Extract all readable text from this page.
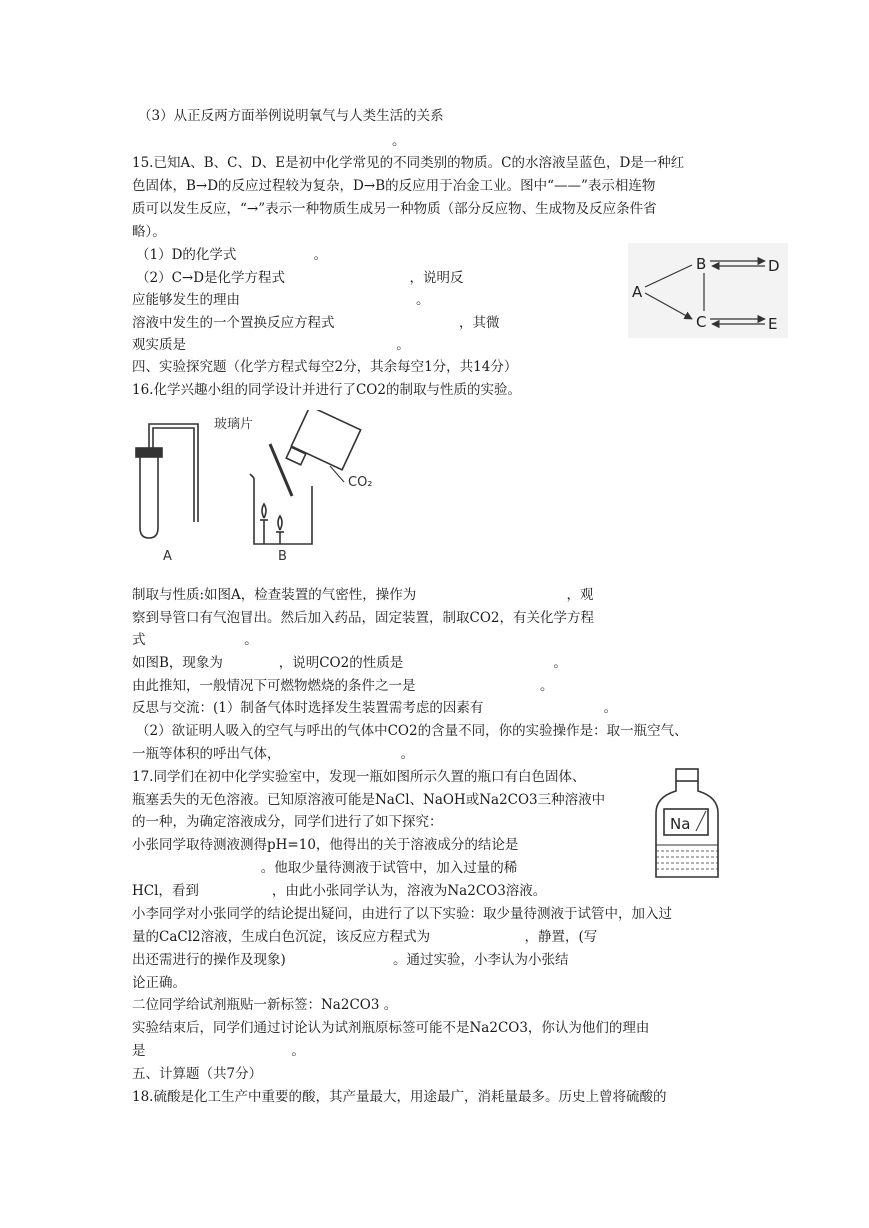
（3）从正反两方面举例说明氧气与人类生活的关系
。
15.已知A、B、C、D、E是初中化学常见的不同类别的物质。C的水溶液呈蓝色，D是一种红
色固体，B→D的反应过程较为复杂，D→B的反应用于冶金工业。图中“——”表示相连物
质可以发生反应，“→”表示一种物质生成另一种物质（部分反应物、生成物及反应条件省
略）。
（1）D的化学式                  。
（2）C→D是化学方程式                             ，说明反
应能够发生的理由                                         。
溶液中发生的一个置换反应方程式                             ，其微
观实质是                                                 。
四、实验探究题（化学方程式每空2分，其余每空1分，共14分）
16.化学兴趣小组的同学设计并进行了CO2的制取与性质的实验。
制取与性质:如图A，检查装置的气密性，操作为                                   ，观
察到导管口有气泡冒出。然后加入药品，固定装置，制取CO2，有关化学方程
式                       。
如图B，现象为             ，说明CO2的性质是                                   。
由此推知，一般情况下可燃物燃烧的条件之一是                             。
反思与交流：(1）制备气体时选择发生装置需考虑的因素有                            。
（2）欲证明人吸入的空气与呼出的气体中CO2的含量不同，你的实验操作是：取一瓶空气、
一瓶等体积的呼出气体，                            。
17.同学们在初中化学实验室中，发现一瓶如图所示久置的瓶口有白色固体、
瓶塞丢失的无色溶液。已知原溶液可能是NaCl、NaOH或Na2CO3三种溶液中
的一种，为确定溶液成分，同学们进行了如下探究：
小张同学取待测液测得pH=10，他得出的关于溶液成分的结论是
。他取少量待测液于试管中，加入过量的稀
HCl，看到                 ，由此小张同学认为，溶液为Na2CO3溶液。
小李同学对小张同学的结论提出疑问，由进行了以下实验：取少量待测液于试管中，加入过
量的CaCl2溶液，生成白色沉淀，该反应方程式为                      ，静置，(写
出还需进行的操作及现象)                         。通过实验，小李认为小张结
论正确。
二位同学给试剂瓶贴一新标签：Na2CO3 。
实验结束后，同学们通过讨论认为试剂瓶原标签可能不是Na2CO3，你认为他们的理由
是                                  。
五、计算题（共7分）
18.硫酸是化工生产中重要的酸，其产量最大，用途最广，消耗量最多。历史上曾将硫酸的
A
B	D
C	E
A
玻璃片
CO₂
B
Na
